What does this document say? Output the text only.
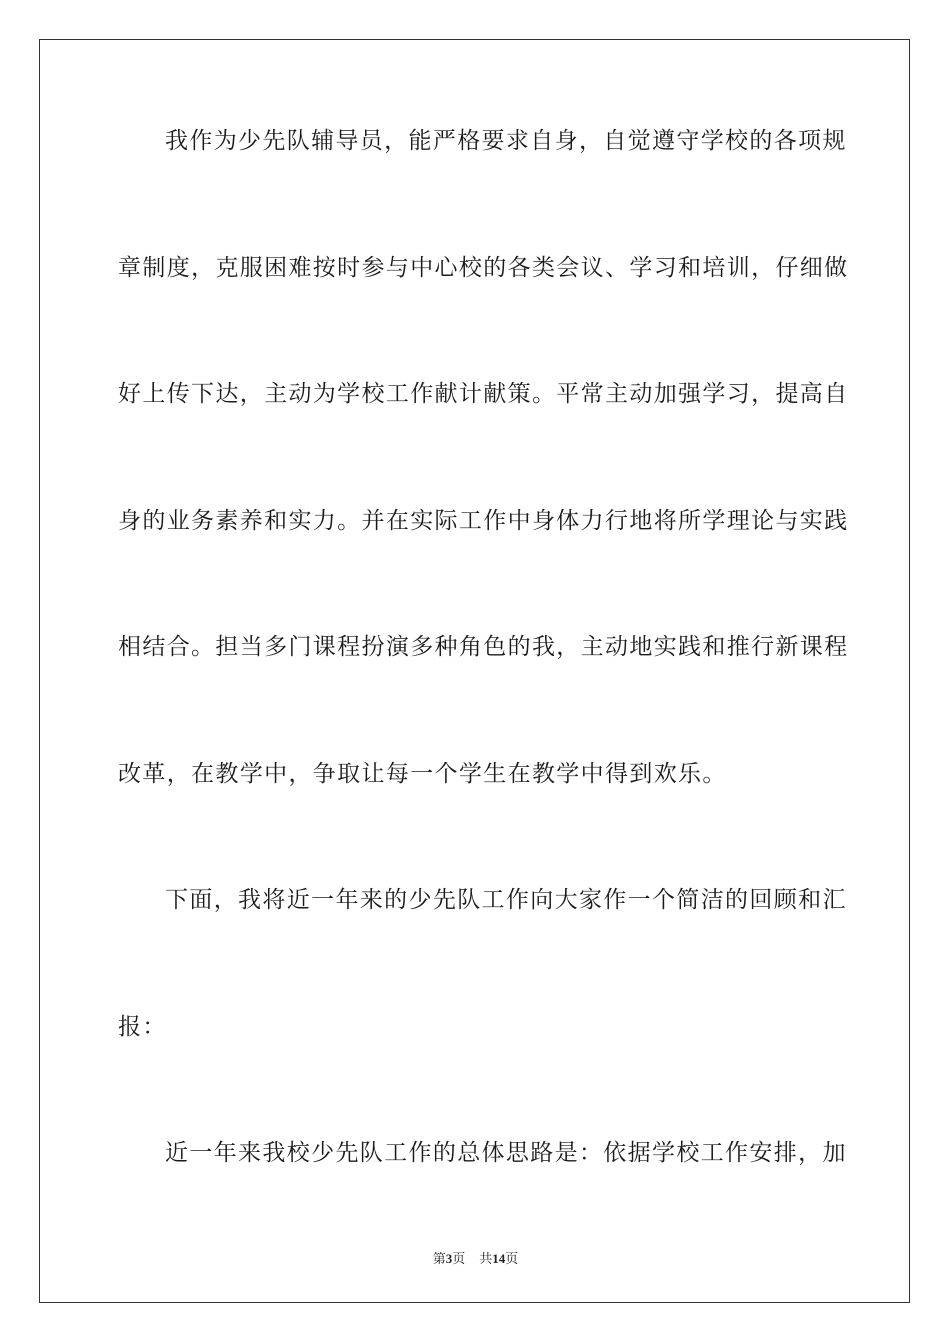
我作为少先队辅导员，能严格要求自身，自觉遵守学校的各项规
章制度，克服困难按时参与中心校的各类会议、学习和培训，仔细做
好上传下达，主动为学校工作献计献策。平常主动加强学习，提高自
身的业务素养和实力。并在实际工作中身体力行地将所学理论与实践
相结合。担当多门课程扮演多种角色的我，主动地实践和推行新课程
改革，在教学中，争取让每一个学生在教学中得到欢乐。
下面，我将近一年来的少先队工作向大家作一个简洁的回顾和汇
报：
近一年来我校少先队工作的总体思路是：依据学校工作安排，加
第3页 共14页
